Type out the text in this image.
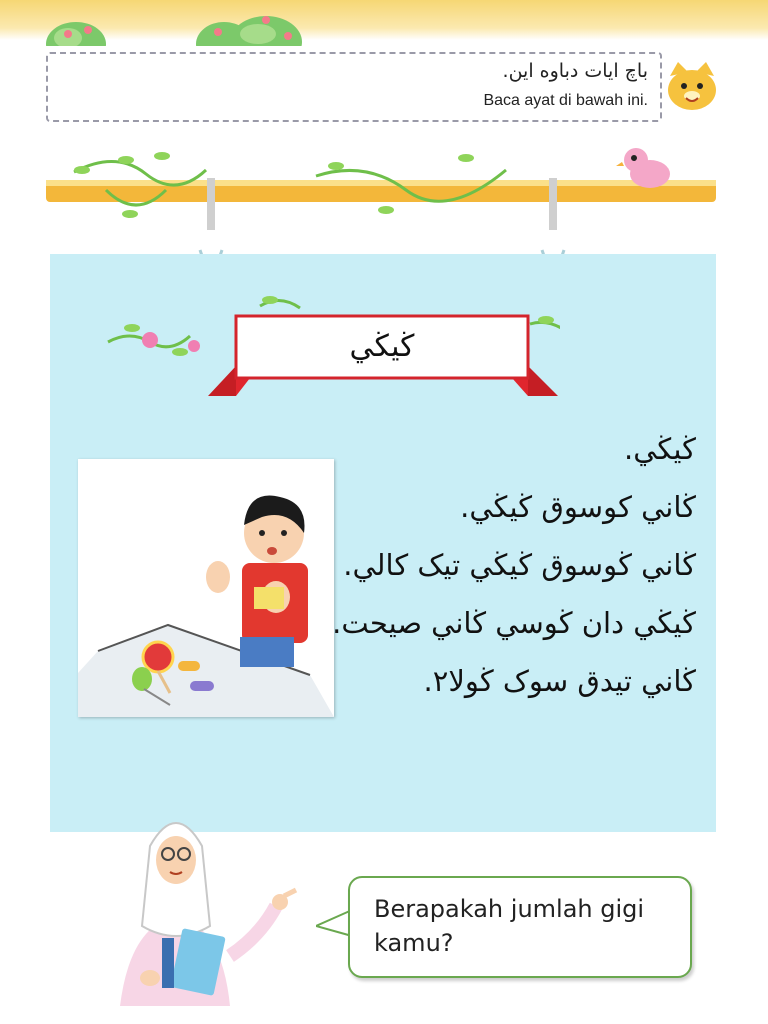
باچ ايات دباوه اين.
Baca ayat di bawah ini.
ڬيڬي
ڬيڬي.
ڬاني كوسوق ڬيڬي.
ڬاني ڬوسوق ڬيڬي تيک كالي.
ڬيڬي دان ڬوسي ڬاني صيحت.
ڬاني تيدق سوک ڬولا٢.
Berapakah jumlah gigi kamu?
